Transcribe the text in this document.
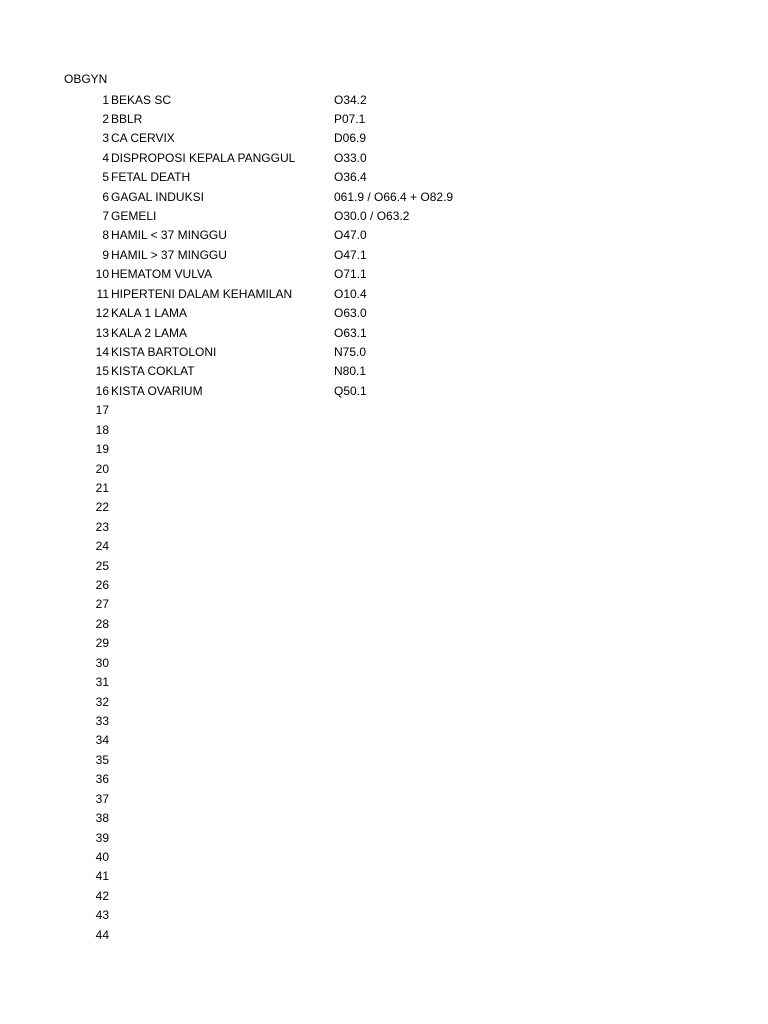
OBGYN
1 BEKAS SC	O34.2
2 BBLR	P07.1
3 CA CERVIX	D06.9
4 DISPROPOSI KEPALA PANGGUL	O33.0
5 FETAL DEATH	O36.4
6 GAGAL INDUKSI	061.9 / O66.4 + O82.9
7 GEMELI	O30.0 / O63.2
8 HAMIL < 37 MINGGU	O47.0
9 HAMIL > 37 MINGGU	O47.1
10 HEMATOM VULVA	O71.1
11 HIPERTENI DALAM KEHAMILAN	O10.4
12 KALA 1 LAMA	O63.0
13 KALA 2 LAMA	O63.1
14 KISTA BARTOLONI	N75.0
15 KISTA COKLAT	N80.1
16 KISTA OVARIUM	Q50.1
17
18
19
20
21
22
23
24
25
26
27
28
29
30
31
32
33
34
35
36
37
38
39
40
41
42
43
44
